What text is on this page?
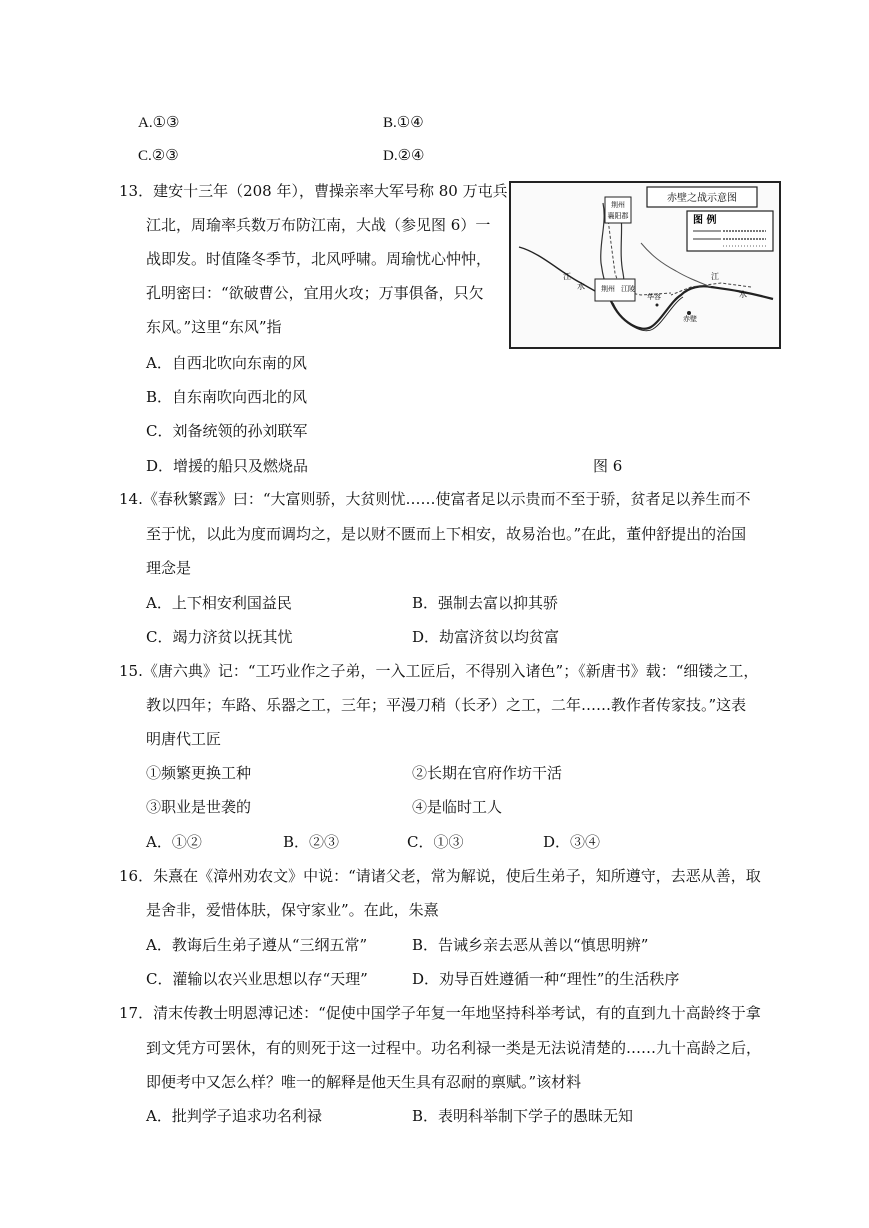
A.①③	B.①④
C.②③	D.②④
13．建安十三年（208 年），曹操亲率大军号称 80 万屯兵
江北，周瑜率兵数万布防江南，大战（参见图 6）一
战即发。时值隆冬季节，北风呼啸。周瑜忧心忡忡，
孔明密曰：“欲破曹公，宜用火攻；万事俱备，只欠
东风。”这里“东风”指
A．自西北吹向东南的风
B．自东南吹向西北的风
C．刘备统领的孙刘联军
D．增援的船只及燃烧品	图 6
赤壁之战示意图
图 例
荆州
襄阳郡
江
水 荆州 江陵
华容
江
水
赤壁
14.《春秋繁露》曰：“大富则骄，大贫则忧……使富者足以示贵而不至于骄，贫者足以养生而不
至于忧，以此为度而调均之，是以财不匮而上下相安，故易治也。”在此，董仲舒提出的治国
理念是
A．上下相安利国益民	B．强制去富以抑其骄
C．竭力济贫以抚其忧	D．劫富济贫以均贫富
15.《唐六典》记：“工巧业作之子弟，一入工匠后，不得别入诸色”；《新唐书》载：“细镂之工，
教以四年；车路、乐器之工，三年；平漫刀稍（长矛）之工，二年……教作者传家技。”这表
明唐代工匠
①频繁更换工种	②长期在官府作坊干活
③职业是世袭的	④是临时工人
A．①②	B．②③	C．①③	D．③④
16．朱熹在《漳州劝农文》中说：“请诸父老，常为解说，使后生弟子，知所遵守，去恶从善，取
是舍非，爱惜体肤，保守家业”。在此，朱熹
A．教诲后生弟子遵从“三纲五常”	B．告诫乡亲去恶从善以“慎思明辨”
C．灌输以农兴业思想以存“天理”	D．劝导百姓遵循一种“理性”的生活秩序
17．清末传教士明恩溥记述：“促使中国学子年复一年地坚持科举考试，有的直到九十高龄终于拿
到文凭方可罢休，有的则死于这一过程中。功名利禄一类是无法说清楚的……九十高龄之后，
即便考中又怎么样？唯一的解释是他天生具有忍耐的禀赋。”该材料
A．批判学子追求功名利禄	B．表明科举制下学子的愚昧无知
